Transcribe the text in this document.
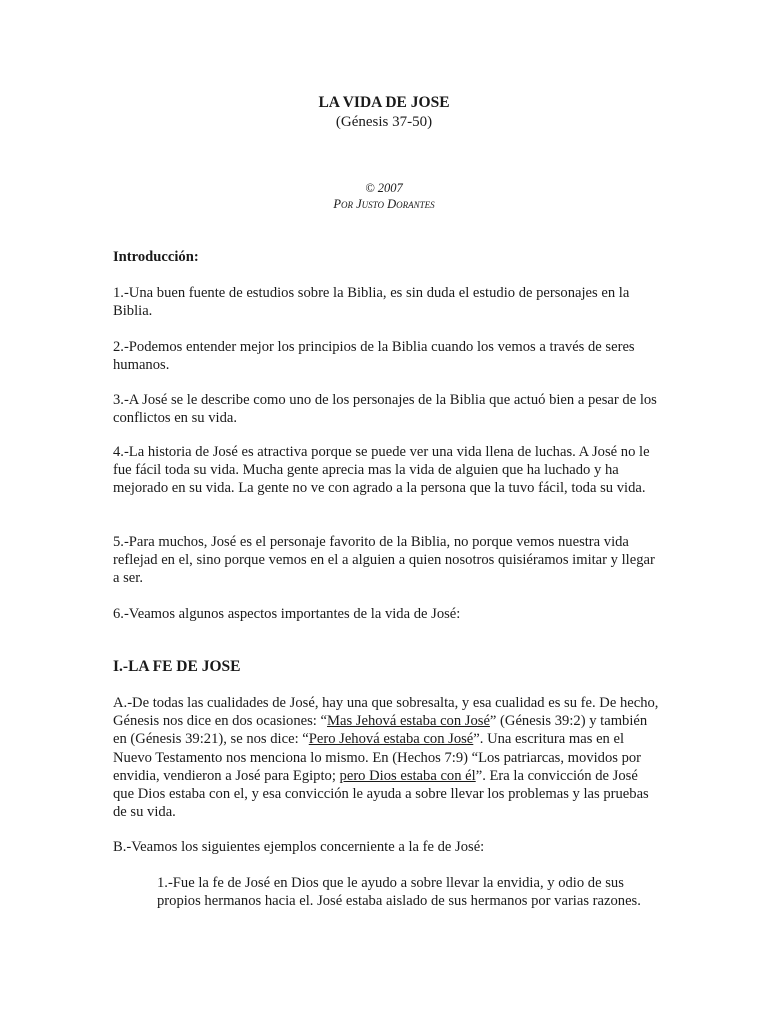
LA VIDA DE JOSE
(Génesis 37-50)
© 2007
Por Justo Dorantes
Introducción:

1.-Una buen fuente de estudios sobre la Biblia, es sin duda el estudio de personajes en la Biblia.

2.-Podemos entender mejor los principios de la Biblia cuando los vemos a través de seres humanos.

3.-A José se le describe como uno de los personajes de la Biblia que actuó bien a pesar de los conflictos en su vida.

4.-La historia de José es atractiva porque se puede ver una vida llena de luchas. A José no le fue fácil toda su vida. Mucha gente aprecia mas la vida de alguien que ha luchado y ha mejorado en su vida. La gente no ve con agrado a la persona que la tuvo fácil, toda su vida.

5.-Para muchos, José es el personaje favorito de la Biblia, no porque vemos nuestra vida reflejad en el, sino porque vemos en el a alguien a quien nosotros quisiéramos imitar y llegar a ser.

6.-Veamos algunos aspectos importantes de la vida de José:

I.-LA FE DE JOSE

A.-De todas las cualidades de José, hay una que sobresalta, y esa cualidad es su fe. De hecho, Génesis nos dice en dos ocasiones: “Mas Jehová estaba con José” (Génesis 39:2) y también en (Génesis 39:21), se nos dice: “Pero Jehová estaba con José”. Una escritura mas en el Nuevo Testamento nos menciona lo mismo. En (Hechos 7:9) “Los patriarcas, movidos por envidia, vendieron a José para Egipto; pero Dios estaba con él”. Era la convicción de José que Dios estaba con el, y esa convicción le ayuda a sobre llevar los problemas y las pruebas de su vida.

B.-Veamos los siguientes ejemplos concerniente a la fe de José:

1.-Fue la fe de José en Dios que le ayudo a sobre llevar la envidia, y odio de sus propios hermanos hacia el. José estaba aislado de sus hermanos por varias razones.
